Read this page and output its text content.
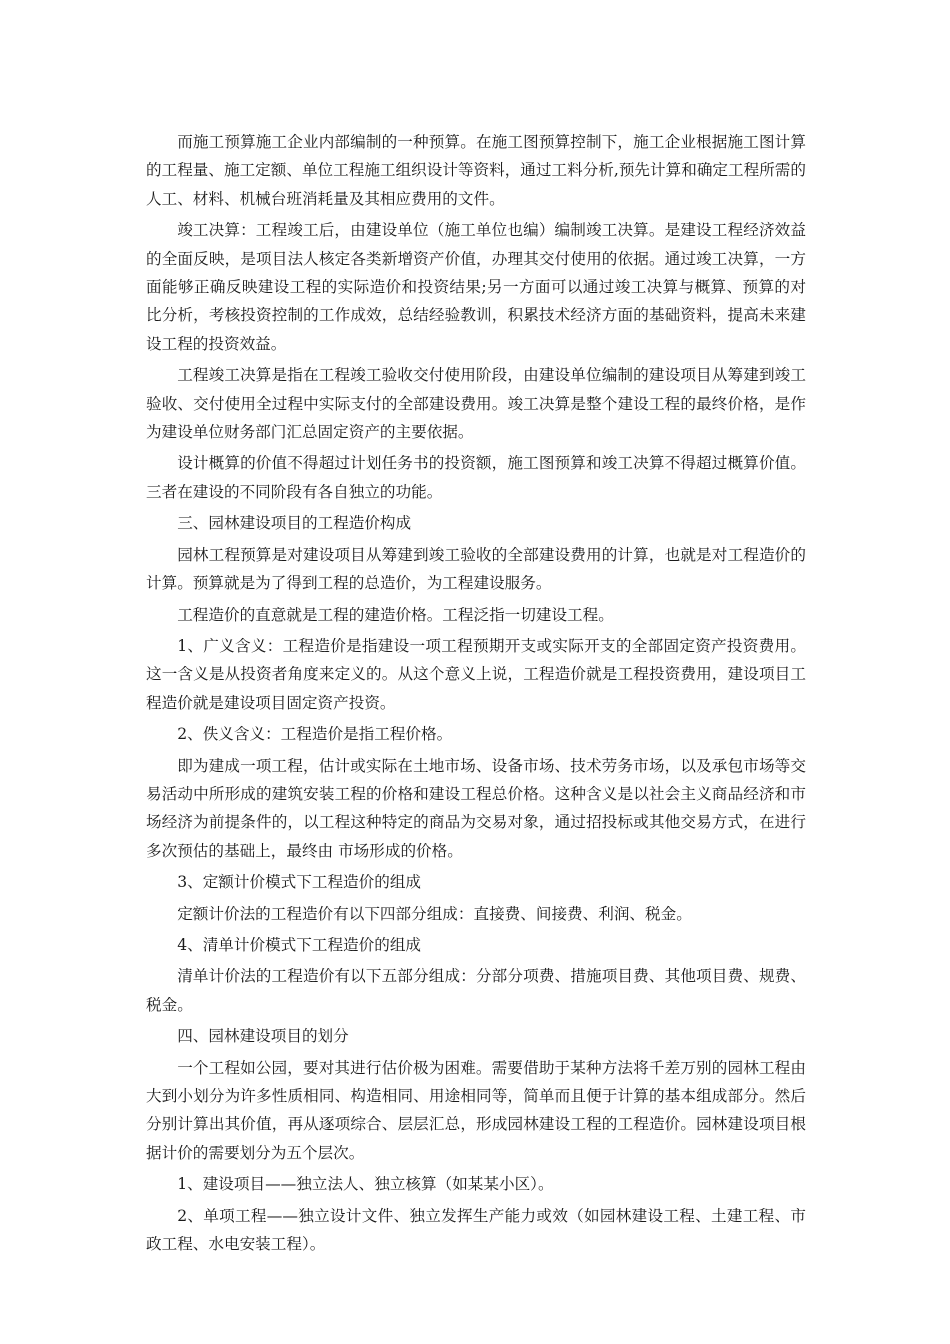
而施工预算施工企业内部编制的一种预算。在施工图预算控制下，施工企业根据施工图计算的工程量、施工定额、单位工程施工组织设计等资料，通过工料分析,预先计算和确定工程所需的人工、材料、机械台班消耗量及其相应费用的文件。

竣工决算：工程竣工后，由建设单位（施工单位也编）编制竣工决算。是建设工程经济效益的全面反映，是项目法人核定各类新增资产价值，办理其交付使用的依据。通过竣工决算，一方面能够正确反映建设工程的实际造价和投资结果;另一方面可以通过竣工决算与概算、预算的对比分析，考核投资控制的工作成效，总结经验教训，积累技术经济方面的基础资料，提高未来建设工程的投资效益。

工程竣工决算是指在工程竣工验收交付使用阶段，由建设单位编制的建设项目从筹建到竣工验收、交付使用全过程中实际支付的全部建设费用。竣工决算是整个建设工程的最终价格，是作为建设单位财务部门汇总固定资产的主要依据。

设计概算的价值不得超过计划任务书的投资额，施工图预算和竣工决算不得超过概算价值。三者在建设的不同阶段有各自独立的功能。

三、园林建设项目的工程造价构成

园林工程预算是对建设项目从筹建到竣工验收的全部建设费用的计算，也就是对工程造价的计算。预算就是为了得到工程的总造价，为工程建设服务。

工程造价的直意就是工程的建造价格。工程泛指一切建设工程。

1、广义含义：工程造价是指建设一项工程预期开支或实际开支的全部固定资产投资费用。这一含义是从投资者角度来定义的。从这个意义上说，工程造价就是工程投资费用，建设项目工程造价就是建设项目固定资产投资。

2、佚义含义：工程造价是指工程价格。

即为建成一项工程，估计或实际在土地市场、设备市场、技术劳务市场，以及承包市场等交易活动中所形成的建筑安装工程的价格和建设工程总价格。这种含义是以社会主义商品经济和市场经济为前提条件的，以工程这种特定的商品为交易对象，通过招投标或其他交易方式，在进行多次预估的基础上，最终由 市场形成的价格。

3、定额计价模式下工程造价的组成

定额计价法的工程造价有以下四部分组成：直接费、间接费、利润、税金。

4、清单计价模式下工程造价的组成

清单计价法的工程造价有以下五部分组成：分部分项费、措施项目费、其他项目费、规费、税金。

四、园林建设项目的划分

一个工程如公园，要对其进行估价极为困难。需要借助于某种方法将千差万别的园林工程由大到小划分为许多性质相同、构造相同、用途相同等，简单而且便于计算的基本组成部分。然后分别计算出其价值，再从逐项综合、层层汇总，形成园林建设工程的工程造价。园林建设项目根据计价的需要划分为五个层次。

1、建设项目——独立法人、独立核算（如某某小区）。

2、单项工程——独立设计文件、独立发挥生产能力或效（如园林建设工程、土建工程、市政工程、水电安装工程）。
